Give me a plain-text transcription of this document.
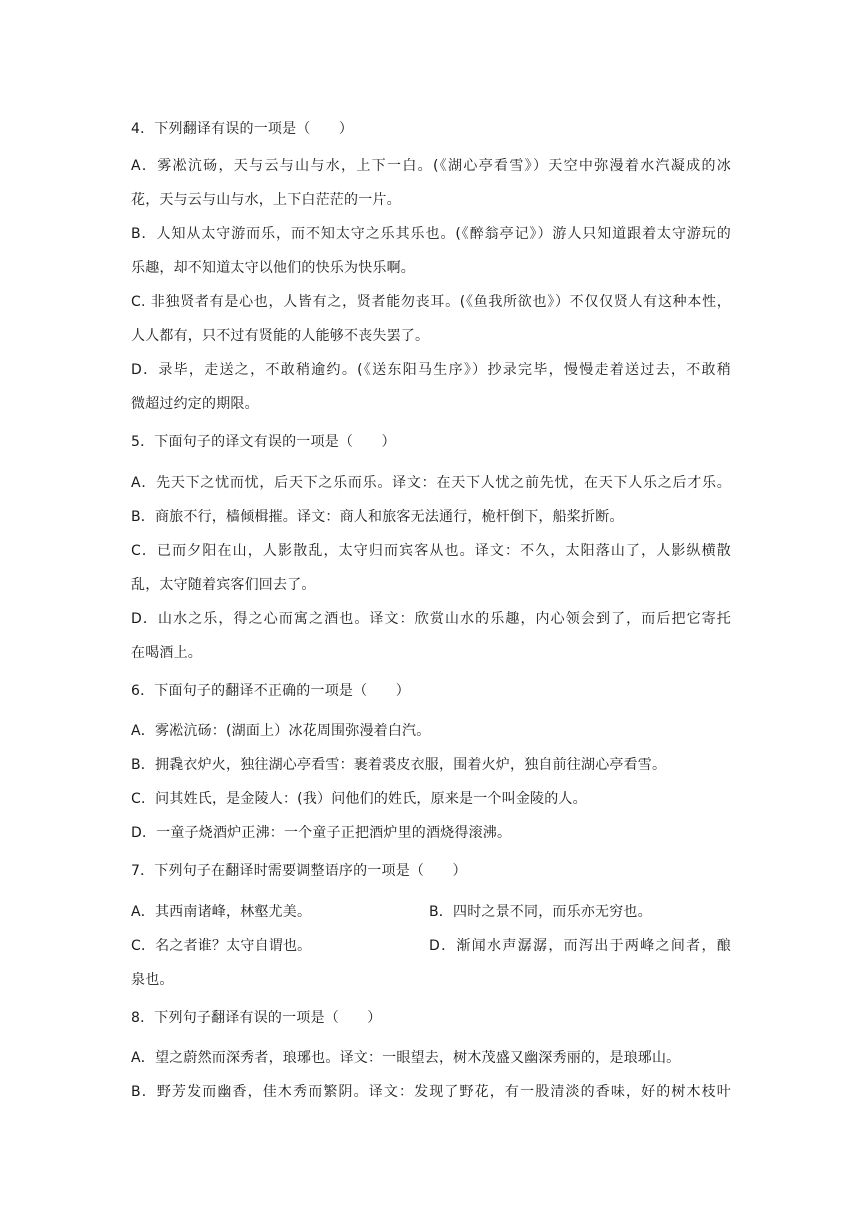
4．下列翻译有误的一项是（　　）
A．雾凇沆砀，天与云与山与水，上下一白。(《湖心亭看雪》）天空中弥漫着水汽凝成的冰
花，天与云与山与水，上下白茫茫的一片。
B．人知从太守游而乐，而不知太守之乐其乐也。(《醉翁亭记》）游人只知道跟着太守游玩的
乐趣，却不知道太守以他们的快乐为快乐啊。
C. 非独贤者有是心也，人皆有之，贤者能勿丧耳。(《鱼我所欲也》）不仅仅贤人有这种本性，
人人都有，只不过有贤能的人能够不丧失罢了。
D．录毕，走送之，不敢稍逾约。(《送东阳马生序》）抄录完毕，慢慢走着送过去，不敢稍
微超过约定的期限。
5．下面句子的译文有误的一项是（　　）
A．先天下之忧而忧，后天下之乐而乐。译文：在天下人忧之前先忧，在天下人乐之后才乐。
B．商旅不行，樯倾楫摧。译文：商人和旅客无法通行，桅杆倒下，船桨折断。
C．已而夕阳在山，人影散乱，太守归而宾客从也。译文：不久，太阳落山了，人影纵横散
乱，太守随着宾客们回去了。
D．山水之乐，得之心而寓之酒也。译文：欣赏山水的乐趣，内心领会到了，而后把它寄托
在喝酒上。
6．下面句子的翻译不正确的一项是（　　）
A．雾凇沆砀：(湖面上）冰花周围弥漫着白汽。
B．拥毳衣炉火，独往湖心亭看雪：裹着裘皮衣服，围着火炉，独自前往湖心亭看雪。
C．问其姓氏，是金陵人：(我）问他们的姓氏，原来是一个叫金陵的人。
D．一童子烧酒炉正沸：一个童子正把酒炉里的酒烧得滚沸。
7．下列句子在翻译时需要调整语序的一项是（　　）
A．其西南诸峰，林壑尤美。	B．四时之景不同，而乐亦无穷也。
C．名之者谁？太守自谓也。	D．渐闻水声潺潺，而泻出于两峰之间者，酿
泉也。
8．下列句子翻译有误的一项是（　　）
A．望之蔚然而深秀者，琅琊也。译文：一眼望去，树木茂盛又幽深秀丽的，是琅琊山。
B．野芳发而幽香，佳木秀而繁阴。译文：发现了野花，有一股清淡的香味，好的树木枝叶
